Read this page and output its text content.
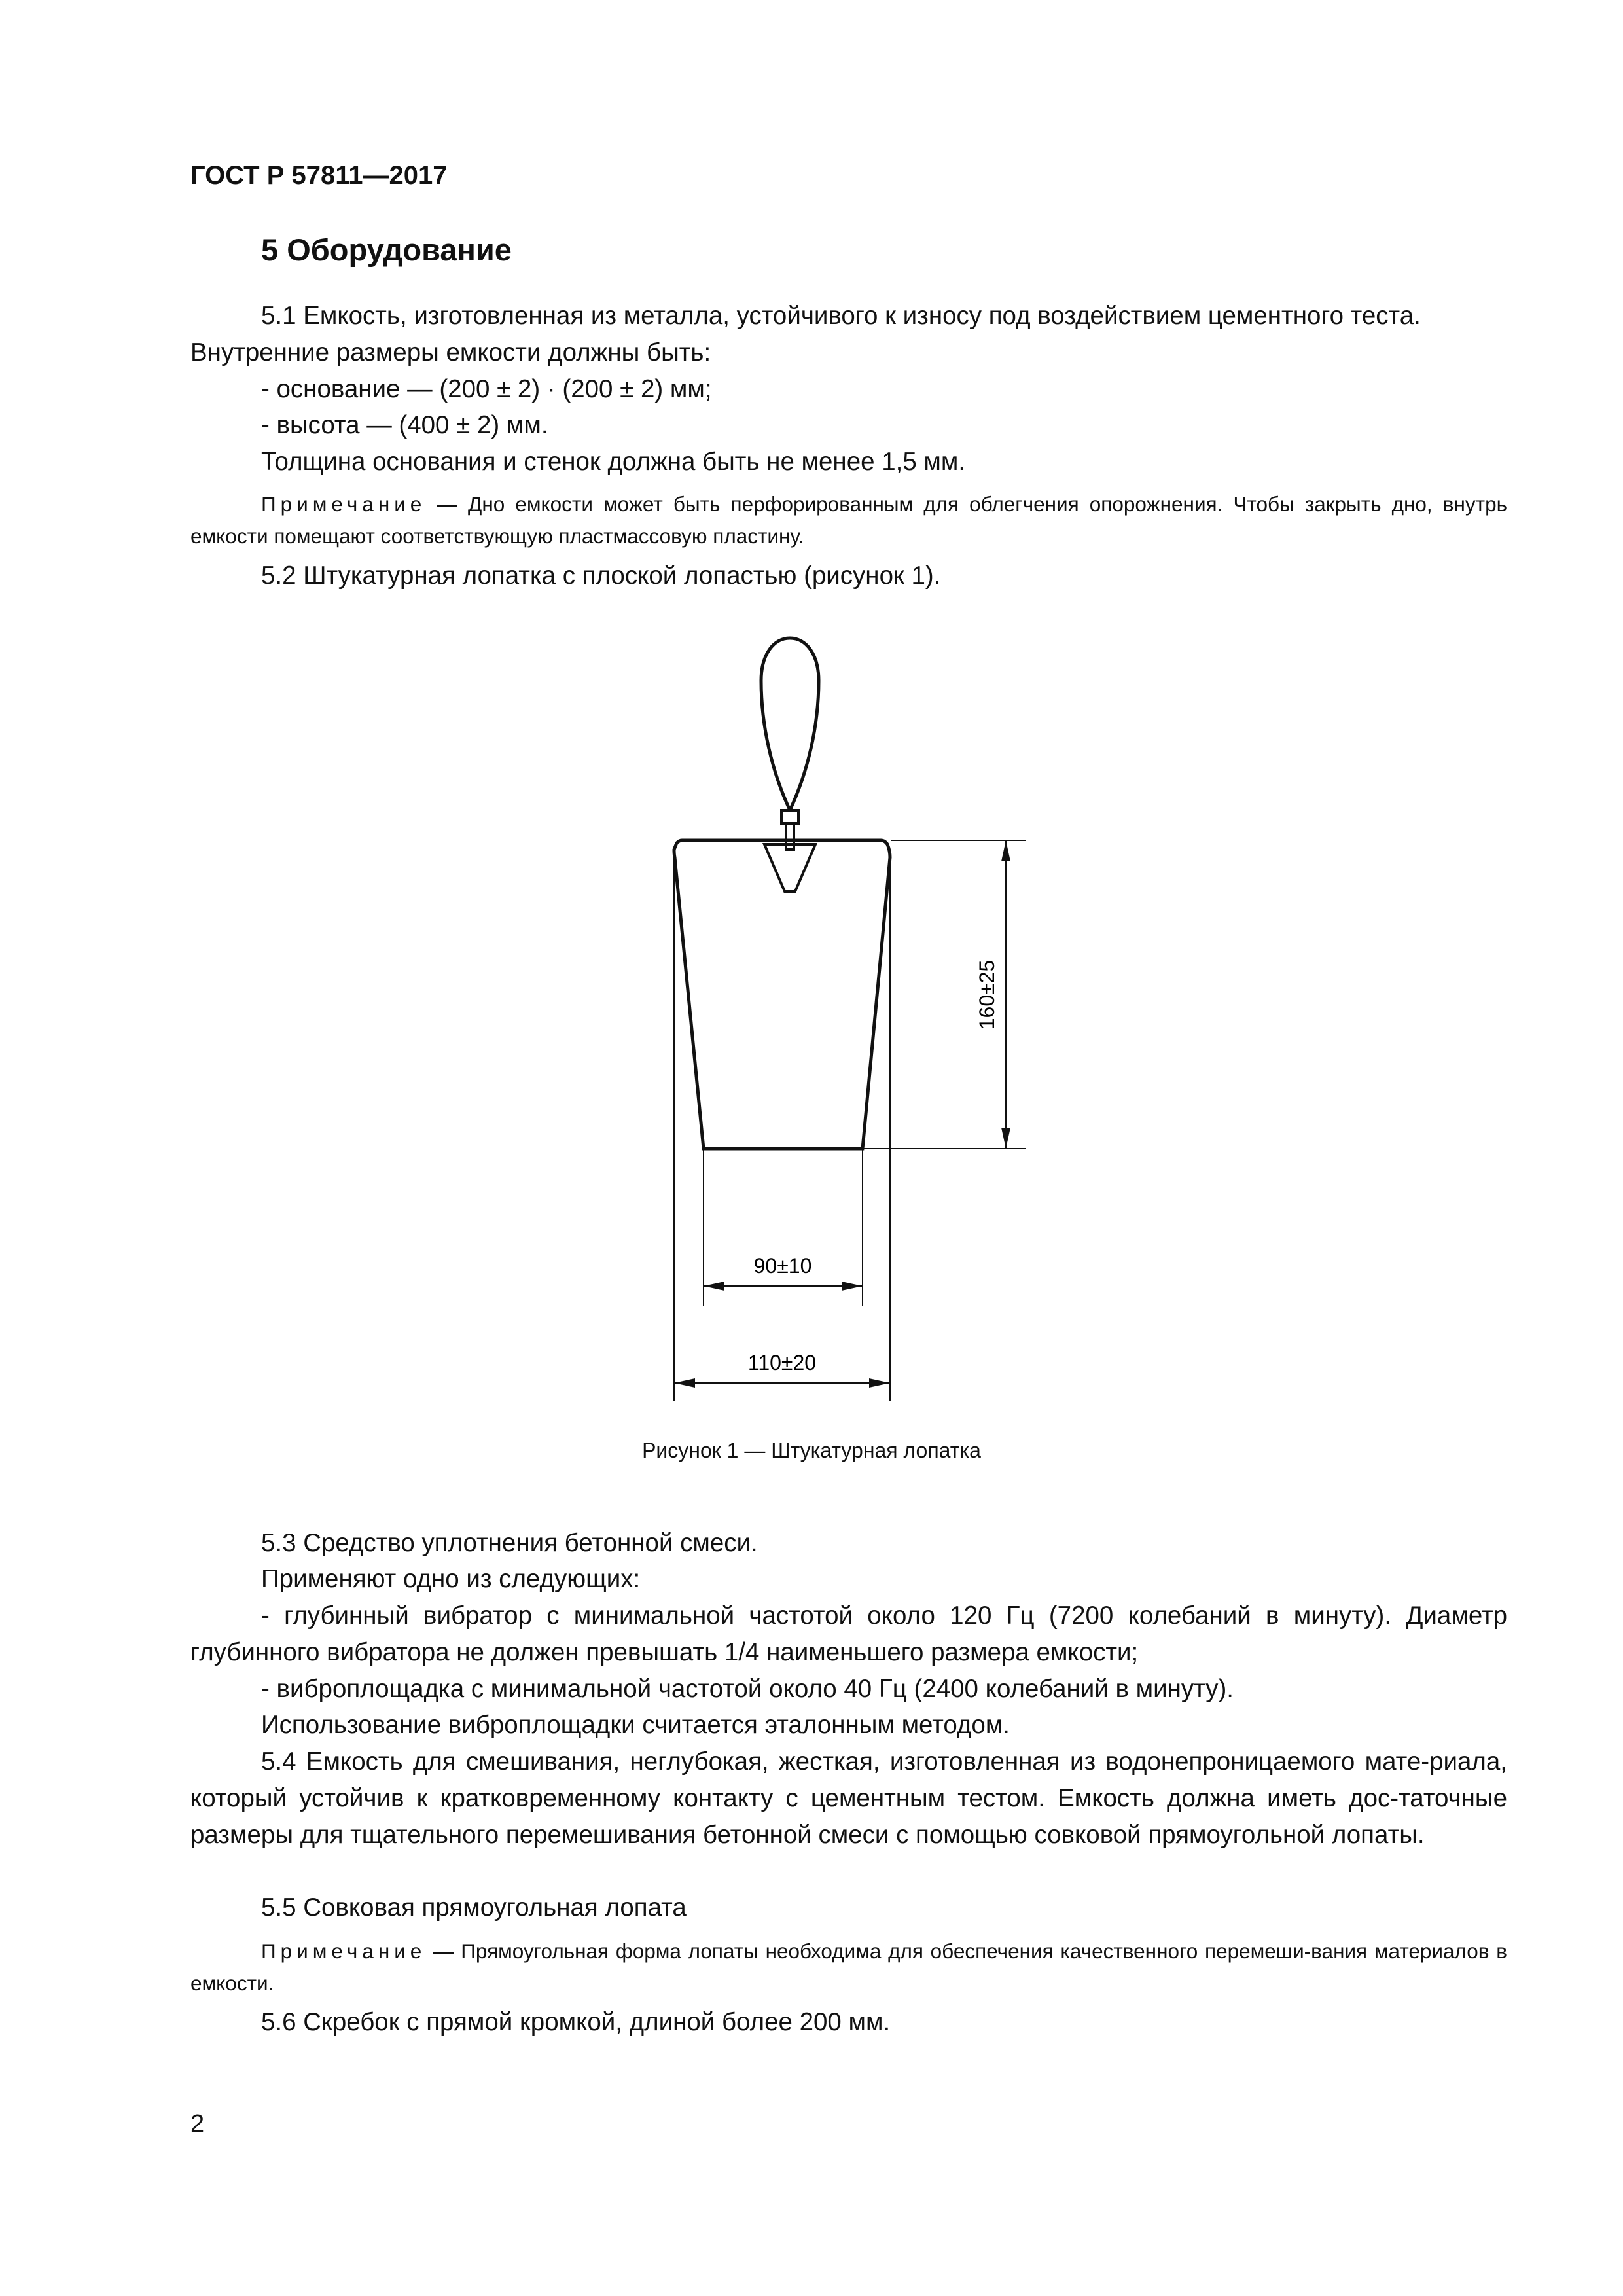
ГОСТ Р 57811—2017
5 Оборудование
5.1 Емкость, изготовленная из металла, устойчивого к износу под воздействием цементного теста.
Внутренние размеры емкости должны быть:
- основание — (200 ± 2) · (200 ± 2) мм;
- высота — (400 ± 2) мм.
Толщина основания и стенок должна быть не менее 1,5 мм.
Примечание — Дно емкости может быть перфорированным для облегчения опорожнения. Чтобы закрыть дно, внутрь емкости помещают соответствующую пластмассовую пластину.
5.2 Штукатурная лопатка с плоской лопастью (рисунок 1).
160±25
90±10
110±20
Рисунок 1 — Штукатурная лопатка
5.3 Средство уплотнения бетонной смеси.
Применяют одно из следующих:
- глубинный вибратор с минимальной частотой около 120 Гц (7200 колебаний в минуту). Диаметр глубинного вибратора не должен превышать 1/4 наименьшего размера емкости;
- виброплощадка с минимальной частотой около 40 Гц (2400 колебаний в минуту).
Использование виброплощадки считается эталонным методом.
5.4 Емкость для смешивания, неглубокая, жесткая, изготовленная из водонепроницаемого мате-риала, который устойчив к кратковременному контакту с цементным тестом. Емкость должна иметь дос-таточные размеры для тщательного перемешивания бетонной смеси с помощью совковой прямоугольной лопаты.
5.5 Совковая прямоугольная лопата
Примечание — Прямоугольная форма лопаты необходима для обеспечения качественного перемеши-вания материалов в емкости.
5.6 Скребок с прямой кромкой, длиной более 200 мм.
2
